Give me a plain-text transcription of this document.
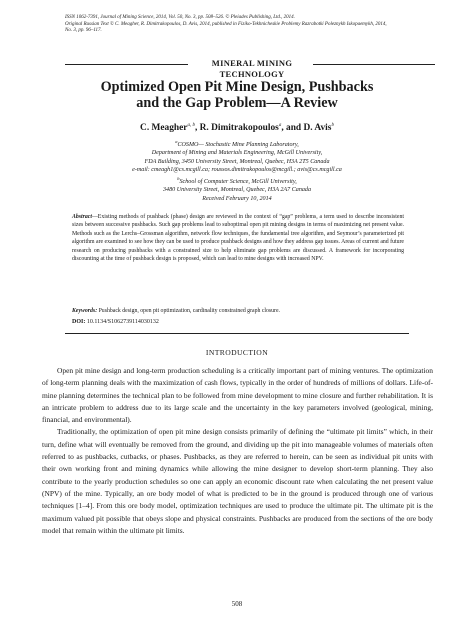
ISSN 1062-7391, Journal of Mining Science, 2014, Vol. 50, No. 3, pp. 508–526. © Pleiades Publishing, Ltd., 2014.
Original Russian Text © C. Meagher, R. Dimitrakopoulos, D. Avis, 2014, published in Fiziko-Tekhnicheskie Problemy Razrabotki Poleznykh Iskopaemykh, 2014,
No. 3, pp. 96–117.
MINERAL MINING
TECHNOLOGY
Optimized Open Pit Mine Design, Pushbacks
and the Gap Problem—A Review
C. Meagher$^{a, b}$, R. Dimitrakopoulos$^a$, and D. Avis$^b$
$^a$COSMO— Stochastic Mine Planning Laboratory,
Department of Mining and Materials Engineering, McGill University,
FDA Building, 3450 University Street, Montreal, Quebec, H3A 2T5 Canada
e-mail: cmeagh1@cs.mcgill.ca; roussos.dimitrakopoulos@mcgill.; avis@cs.mcgill.ca
$^b$School of Computer Science, McGill University,
3480 University Street, Montreal, Quebec, H3A 2A7 Canada
Received February 10, 2014
Abstract—Existing methods of pushback (phase) design are reviewed in the context of “gap” problems, a term used to describe inconsistent sizes between successive pushbacks. Such gap problems lead to suboptimal open pit mining designs in terms of maximizing net present value. Methods such as the Lerchs–Grossman algorithm, network flow techniques, the fundamental tree algorithm, and Seymour’s parameterized pit algorithm are examined to see how they can be used to produce pushback designs and how they address gap issues. Areas of current and future research on producing pushbacks with a constrained size to help eliminate gap problems are discussed. A framework for incorporating discounting at the time of pushback design is proposed, which can lead to mine designs with increased NPV.
Keywords: Pushback design, open pit optimization, cardinality constrained graph closure.
DOI: 10.1134/S1062739114030132
INTRODUCTION

Open pit mine design and long-term production scheduling is a critically important part of mining ventures. The optimization of long-term planning deals with the maximization of cash flows, typically in the order of hundreds of millions of dollars. Life-of-mine planning determines the technical plan to be followed from mine development to mine closure and further rehabilitation. It is an intricate problem to address due to its large scale and the uncertainty in the key parameters involved (geological, mining, financial, and environmental).

Traditionally, the optimization of open pit mine design consists primarily of defining the “ultimate pit limits” which, in their turn, define what will eventually be removed from the ground, and dividing up the pit into manageable volumes of materials often referred to as pushbacks, cutbacks, or phases. Pushbacks, as they are referred to herein, can be seen as individual pit units with their own working front and mining dynamics while allowing the mine designer to develop short-term planning. They also contribute to the yearly production schedules so one can apply an economic discount rate when calculating the net present value (NPV) of the mine. Typically, an ore body model of what is predicted to be in the ground is produced through one of various techniques [1–4]. From this ore body model, optimization techniques are used to produce the ultimate pit. The ultimate pit is the maximum valued pit possible that obeys slope and physical constraints. Pushbacks are produced from the sections of the ore body model that remain within the ultimate pit limits.

508
